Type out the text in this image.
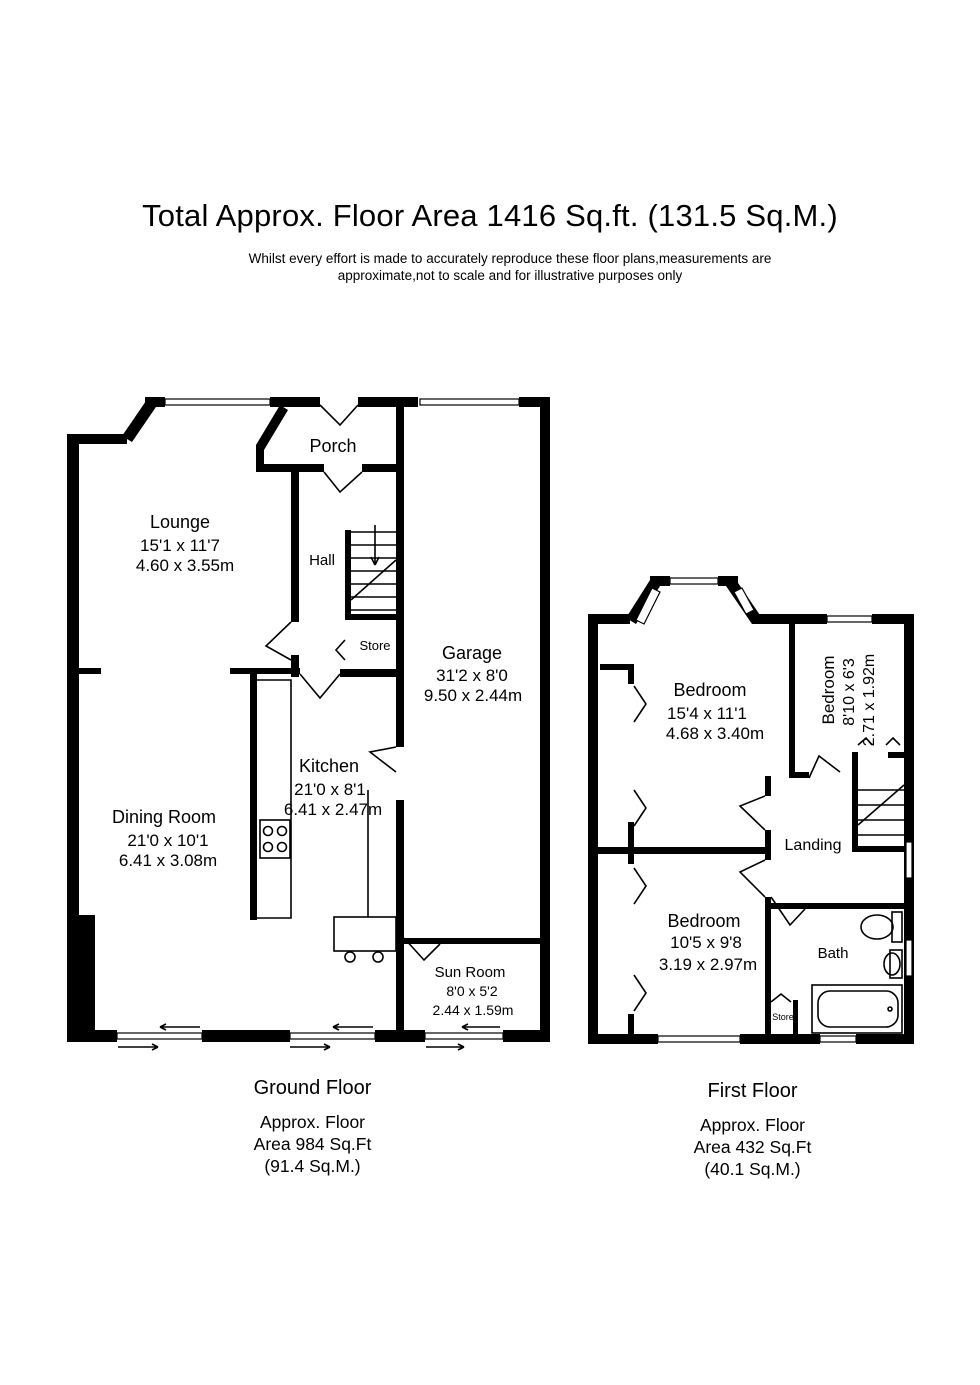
Total Approx. Floor Area 1416 Sq.ft. (131.5 Sq.M.)
Whilst every effort is made to accurately reproduce these floor plans,measurements are
approximate,not to scale and for illustrative purposes only
Lounge
15'1 x 11'7
4.60 x 3.55m
Porch
Hall
Store	Garage
31'2 x 8'0
9.50 x 2.44m
Kitchen
21'0 x 8'1
6.41 x 2.47m
Dining Room
21'0 x 10'1
6.41 x 3.08m
Sun Room
8'0 x 5'2
2.44 x 1.59m
Bedroom
15'4 x 11'1
4.68 x 3.40m
Bedroom 8'10 x 6'3 2.71 x 1.92m
Landing
Bedroom
10'5 x 9'8
3.19 x 2.97m
Bath
Store
Ground Floor
Approx. Floor
Area 984 Sq.Ft
(91.4 Sq.M.)
First Floor
Approx. Floor
Area 432 Sq.Ft
(40.1 Sq.M.)
